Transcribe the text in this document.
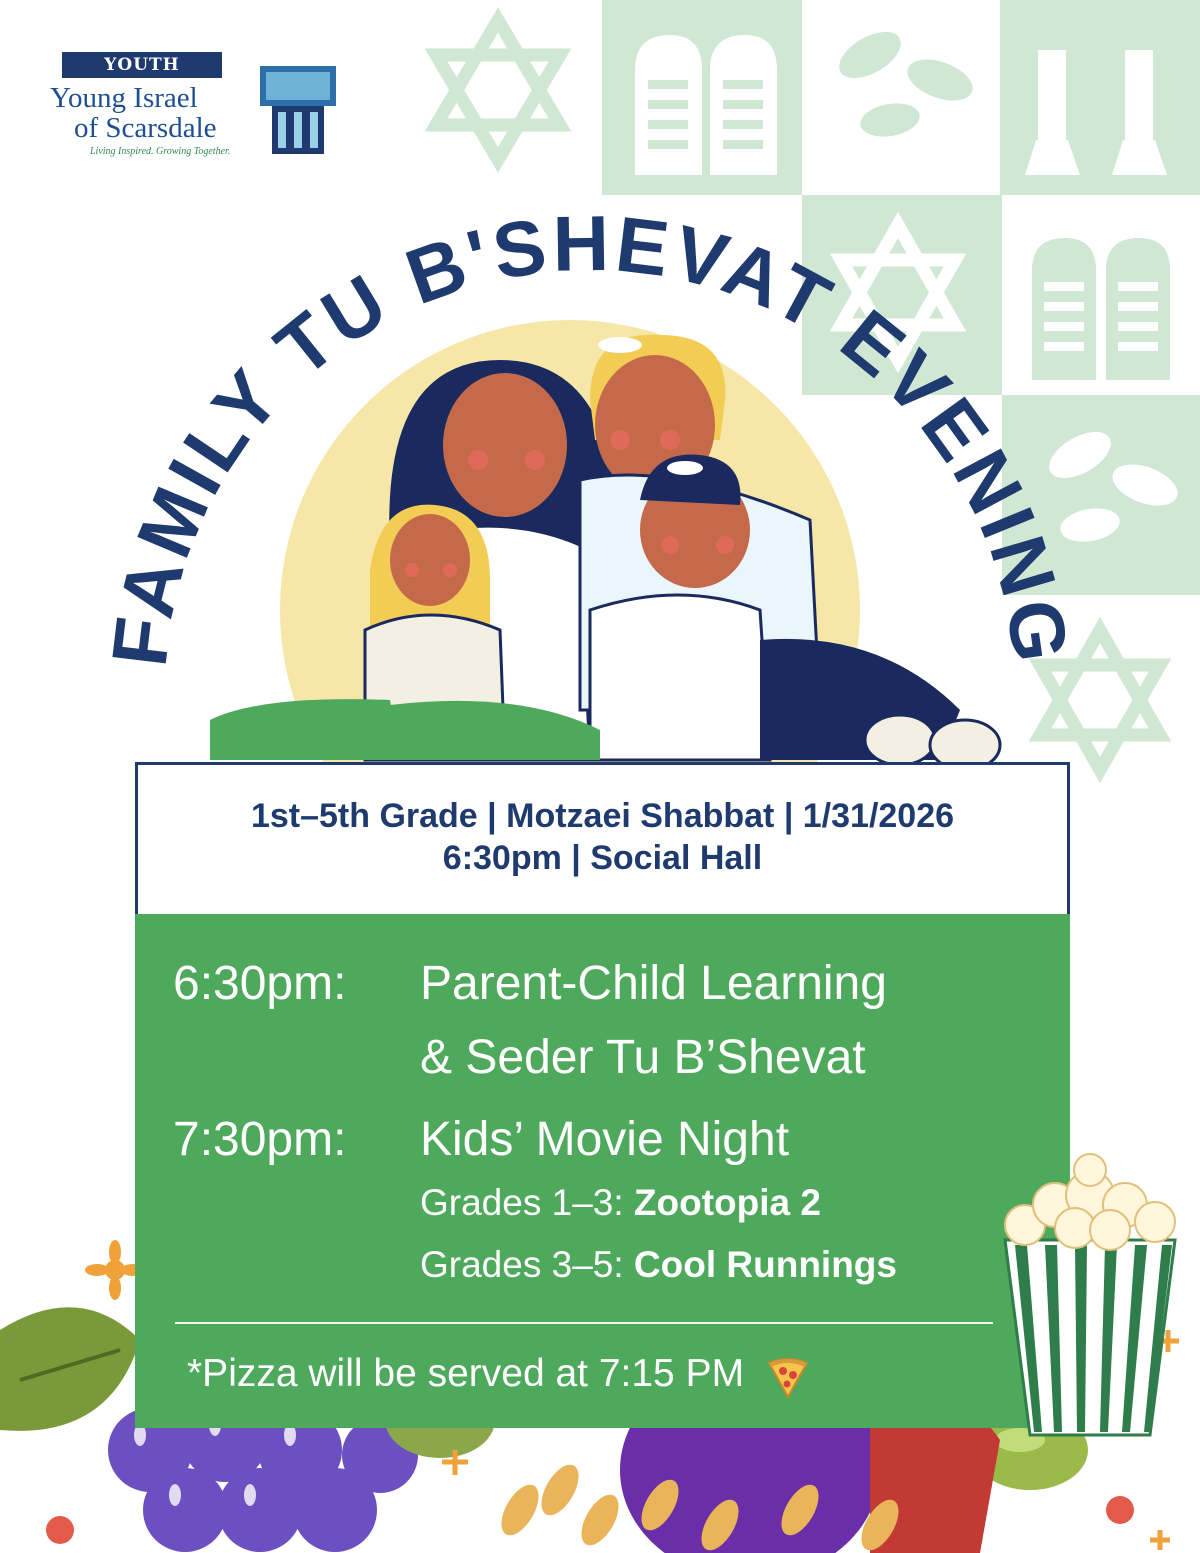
YOUTH
Young Israel
of Scarsdale
Living Inspired. Growing Together.
FAMILY TU B'SHEVAT EVENING
1st–5th Grade | Motzaei Shabbat | 1/31/2026
6:30pm | Social Hall
6:30pm: Parent-Child Learning
& Seder Tu B’Shevat
7:30pm: Kids’ Movie Night
Grades 1–3: Zootopia 2
Grades 3–5: Cool Runnings
*Pizza will be served at 7:15 PM
